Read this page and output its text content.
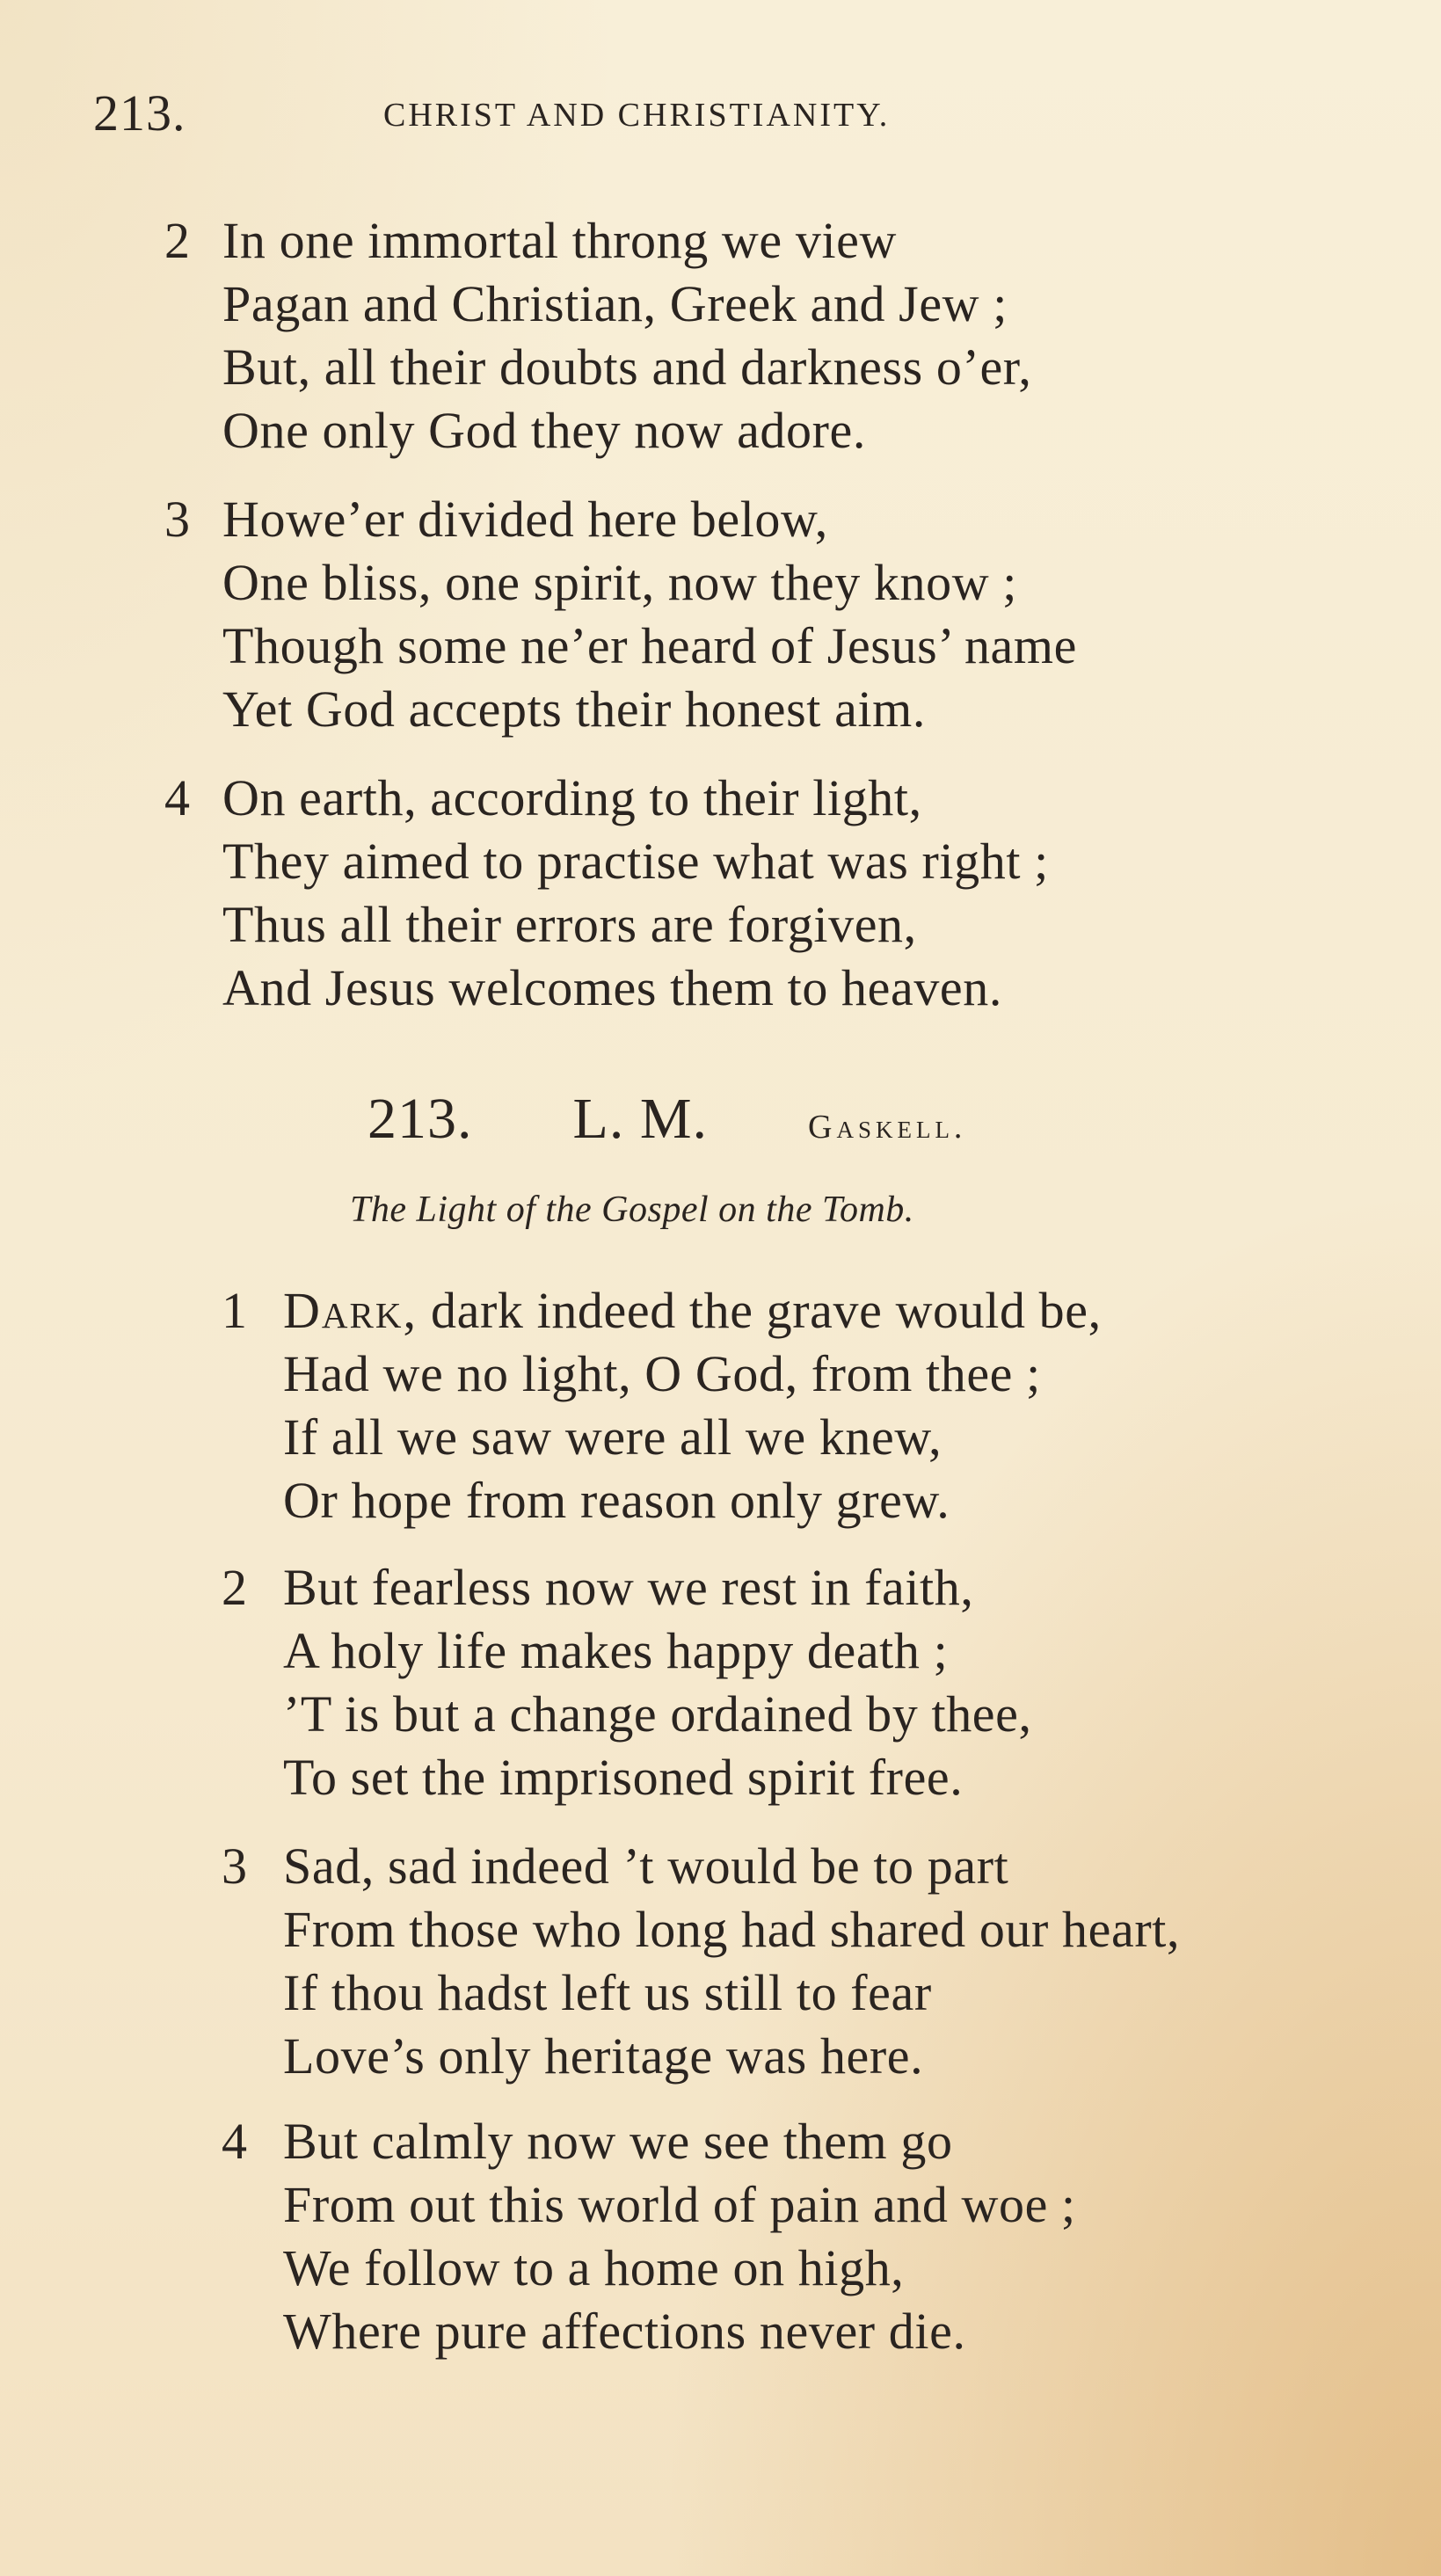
213.	CHRIST AND CHRISTIANITY.
2 In one immortal throng we view
Pagan and Christian, Greek and Jew ;
But, all their doubts and darkness o’er,
One only God they now adore.
3 Howe’er divided here below,
One bliss, one spirit, now they know ;
Though some ne’er heard of Jesus’ name
Yet God accepts their honest aim.
4 On earth, according to their light,
They aimed to practise what was right ;
Thus all their errors are forgiven,
And Jesus welcomes them to heaven.
213. L. M.	Gaskell.
The Light of the Gospel on the Tomb.
1 Dark, dark indeed the grave would be,
Had we no light, O God, from thee ;
If all we saw were all we knew,
Or hope from reason only grew.
2 But fearless now we rest in faith,
A holy life makes happy death ;
’T is but a change ordained by thee,
To set the imprisoned spirit free.
3 Sad, sad indeed ’t would be to part
From those who long had shared our heart,
If thou hadst left us still to fear
Love’s only heritage was here.
4 But calmly now we see them go
From out this world of pain and woe ;
We follow to a home on high,
Where pure affections never die.
